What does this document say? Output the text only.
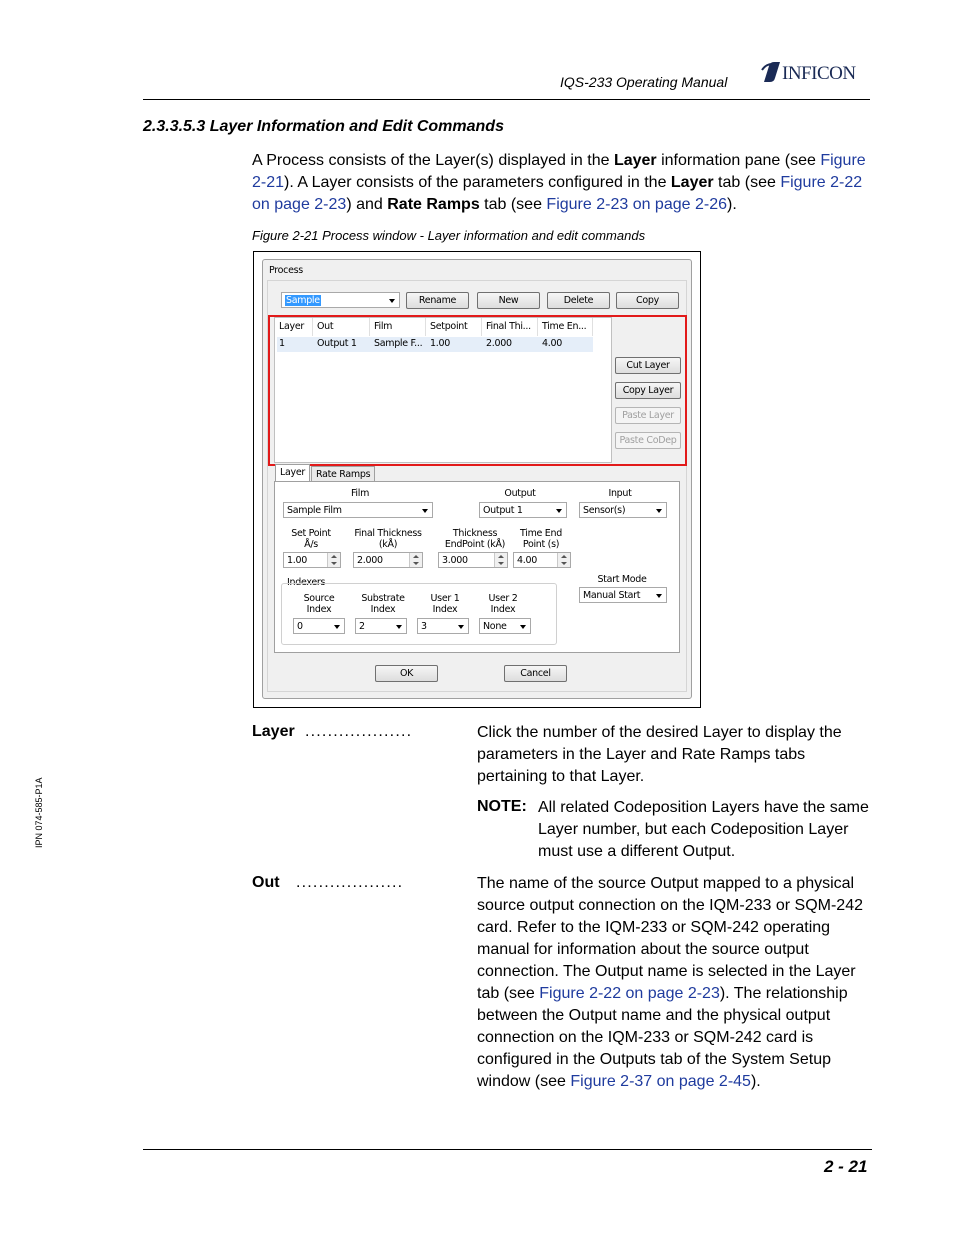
IQS-233 Operating Manual	INFICON
2.3.3.5.3 Layer Information and Edit Commands
A Process consists of the Layer(s) displayed in the Layer information pane (see Figure 2-21). A Layer consists of the parameters configured in the Layer tab (see Figure 2-22 on page 2-23) and Rate Ramps tab (see Figure 2-23 on page 2-26).
Figure 2-21 Process window - Layer information and edit commands
Process
Sample	Rename	New	Delete	Copy
Layer	Out	Film	Setpoint	Final Thi...	Time En...
1	Output 1	Sample F... 1.00	2.000	4.00
Cut Layer
Copy Layer
Paste Layer
Paste CoDep
Layer	Rate Ramps
Film
Sample Film
Output
Output 1
Input
Sensor(s)
Set Point
Å/s
1.00
Final Thickness
(kÅ)
2.000
Thickness
EndPoint (kÅ)
3.000
Time End
Point (s)
4.00
Start Mode
Manual Start
Indexers
Source
Index
0
Substrate
Index
2
User 1
Index
3
User 2
Index
None
OK	Cancel
Layer ...................	Click the number of the desired Layer to display the parameters in the Layer and Rate Ramps tabs pertaining to that Layer.
NOTE: All related Codeposition Layers have the same Layer number, but each Codeposition Layer must use a different Output.
Out ...................	The name of the source Output mapped to a physical source output connection on the IQM-233 or SQM-242 card. Refer to the IQM-233 or SQM-242 operating manual for information about the source output connection. The Output name is selected in the Layer tab (see Figure 2-22 on page 2-23). The relationship between the Output name and the physical output connection on the IQM-233 or SQM-242 card is configured in the Outputs tab of the System Setup window (see Figure 2-37 on page 2-45).
IPN 074-585-P1A
2 - 21
